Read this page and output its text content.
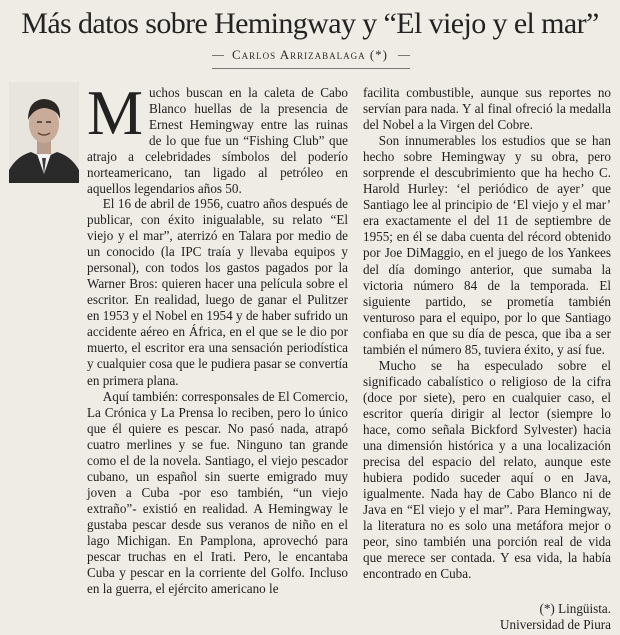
Más datos sobre Hemingway y “El viejo y el mar”
Carlos Arrizabalaga (*)
Muchos buscan en la caleta de Cabo Blanco huellas de la presencia de Ernest Hemingway entre las ruinas de lo que fue un “Fishing Club” que atrajo a celebridades símbolos del poderío norteamericano, tan ligado al petróleo en aquellos legendarios años 50.

El 16 de abril de 1956, cuatro años después de publicar, con éxito inigualable, su relato “El viejo y el mar”, aterrizó en Talara por medio de un conocido (la IPC traía y llevaba equipos y personal), con todos los gastos pagados por la Warner Bros: quieren hacer una película sobre el escritor. En realidad, luego de ganar el Pulitzer en 1953 y el Nobel en 1954 y de haber sufrido un accidente aéreo en África, en el que se le dio por muerto, el escritor era una sensación periodística y cualquier cosa que le pudiera pasar se convertía en primera plana.

Aquí también: corresponsales de El Comercio, La Crónica y La Prensa lo reciben, pero lo único que él quiere es pescar. No pasó nada, atrapó cuatro merlines y se fue. Ninguno tan grande como el de la novela. Santiago, el viejo pescador cubano, un español sin suerte emigrado muy joven a Cuba -por eso también, “un viejo extraño”- existió en realidad. A Hemingway le gustaba pescar desde sus veranos de niño en el lago Michigan. En Pamplona, aprovechó para pescar truchas en el Irati. Pero, le encantaba Cuba y pescar en la corriente del Golfo. Incluso en la guerra, el ejército americano le

facilita combustible, aunque sus reportes no servían para nada. Y al final ofreció la medalla del Nobel a la Virgen del Cobre.

Son innumerables los estudios que se han hecho sobre Hemingway y su obra, pero sorprende el descubrimiento que ha hecho C. Harold Hurley: ‘el periódico de ayer’ que Santiago lee al principio de ‘El viejo y el mar’ era exactamente el del 11 de septiembre de 1955; en él se daba cuenta del récord obtenido por Joe DiMaggio, en el juego de los Yankees del día domingo anterior, que sumaba la victoria número 84 de la temporada. El siguiente partido, se prometía también venturoso para el equipo, por lo que Santiago confiaba en que su día de pesca, que iba a ser también el número 85, tuviera éxito, y así fue.

Mucho se ha especulado sobre el significado cabalístico o religioso de la cifra (doce por siete), pero en cualquier caso, el escritor quería dirigir al lector (siempre lo hace, como señala Bickford Sylvester) hacia una dimensión histórica y a una localización precisa del espacio del relato, aunque este hubiera podido suceder aquí o en Java, igualmente. Nada hay de Cabo Blanco ni de Java en “El viejo y el mar”. Para Hemingway, la literatura no es solo una metáfora mejor o peor, sino también una porción real de vida que merece ser contada. Y esa vida, la había encontrado en Cuba.

(*) Lingüista.
Universidad de Piura
